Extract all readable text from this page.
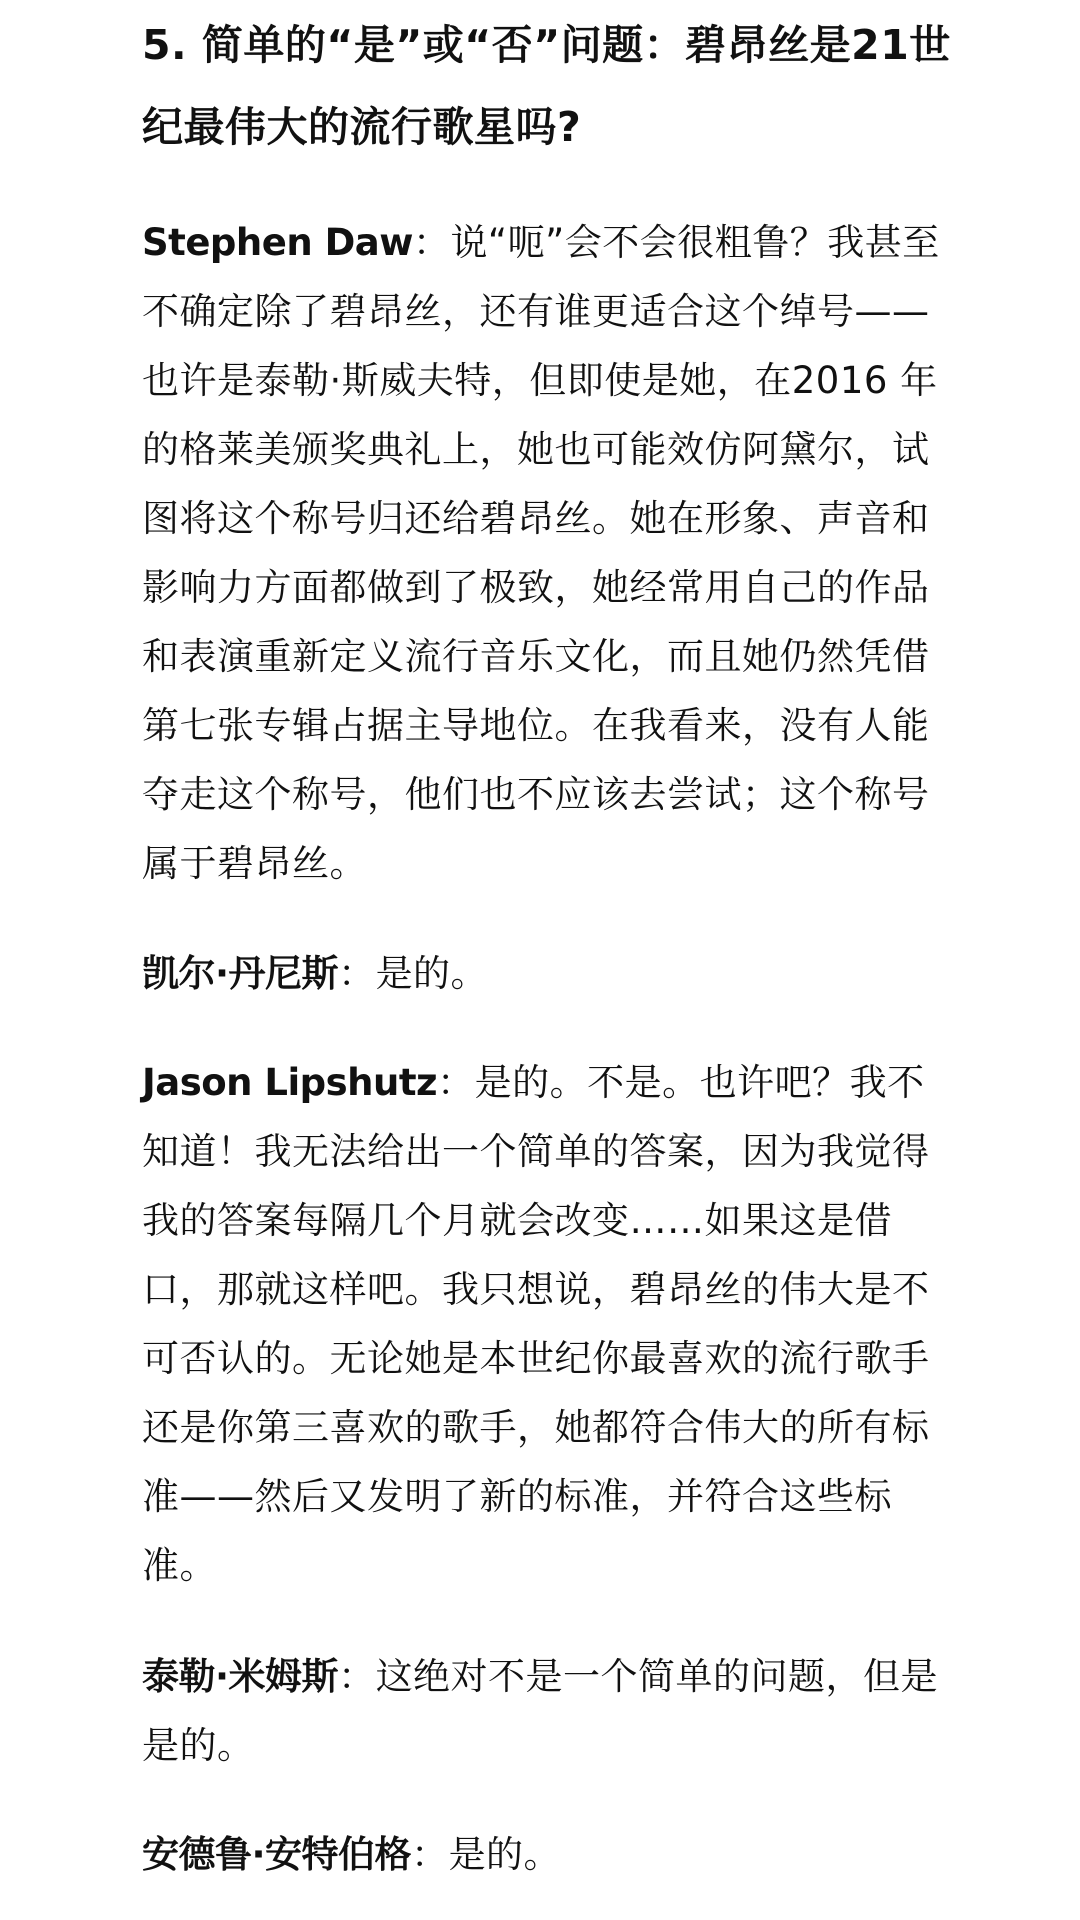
5. 简单的“是”或“否”问题：碧昂丝是21世纪最伟大的流行歌星吗?

Stephen Daw：说“呃”会不会很粗鲁？我甚至不确定除了碧昂丝，还有谁更适合这个绰号——也许是泰勒·斯威夫特，但即使是她，在2016 年的格莱美颁奖典礼上，她也可能效仿阿黛尔，试图将这个称号归还给碧昂丝。她在形象、声音和影响力方面都做到了极致，她经常用自己的作品和表演重新定义流行音乐文化，而且她仍然凭借第七张专辑占据主导地位。在我看来，没有人能夺走这个称号，他们也不应该去尝试；这个称号属于碧昂丝。

凯尔·丹尼斯：是的。

Jason Lipshutz：是的。不是。也许吧？我不知道！我无法给出一个简单的答案，因为我觉得我的答案每隔几个月就会改变……如果这是借口，那就这样吧。我只想说，碧昂丝的伟大是不可否认的。无论她是本世纪你最喜欢的流行歌手还是你第三喜欢的歌手，她都符合伟大的所有标准——然后又发明了新的标准，并符合这些标准。

泰勒·米姆斯：这绝对不是一个简单的问题，但是是的。

安德鲁·安特伯格：是的。
